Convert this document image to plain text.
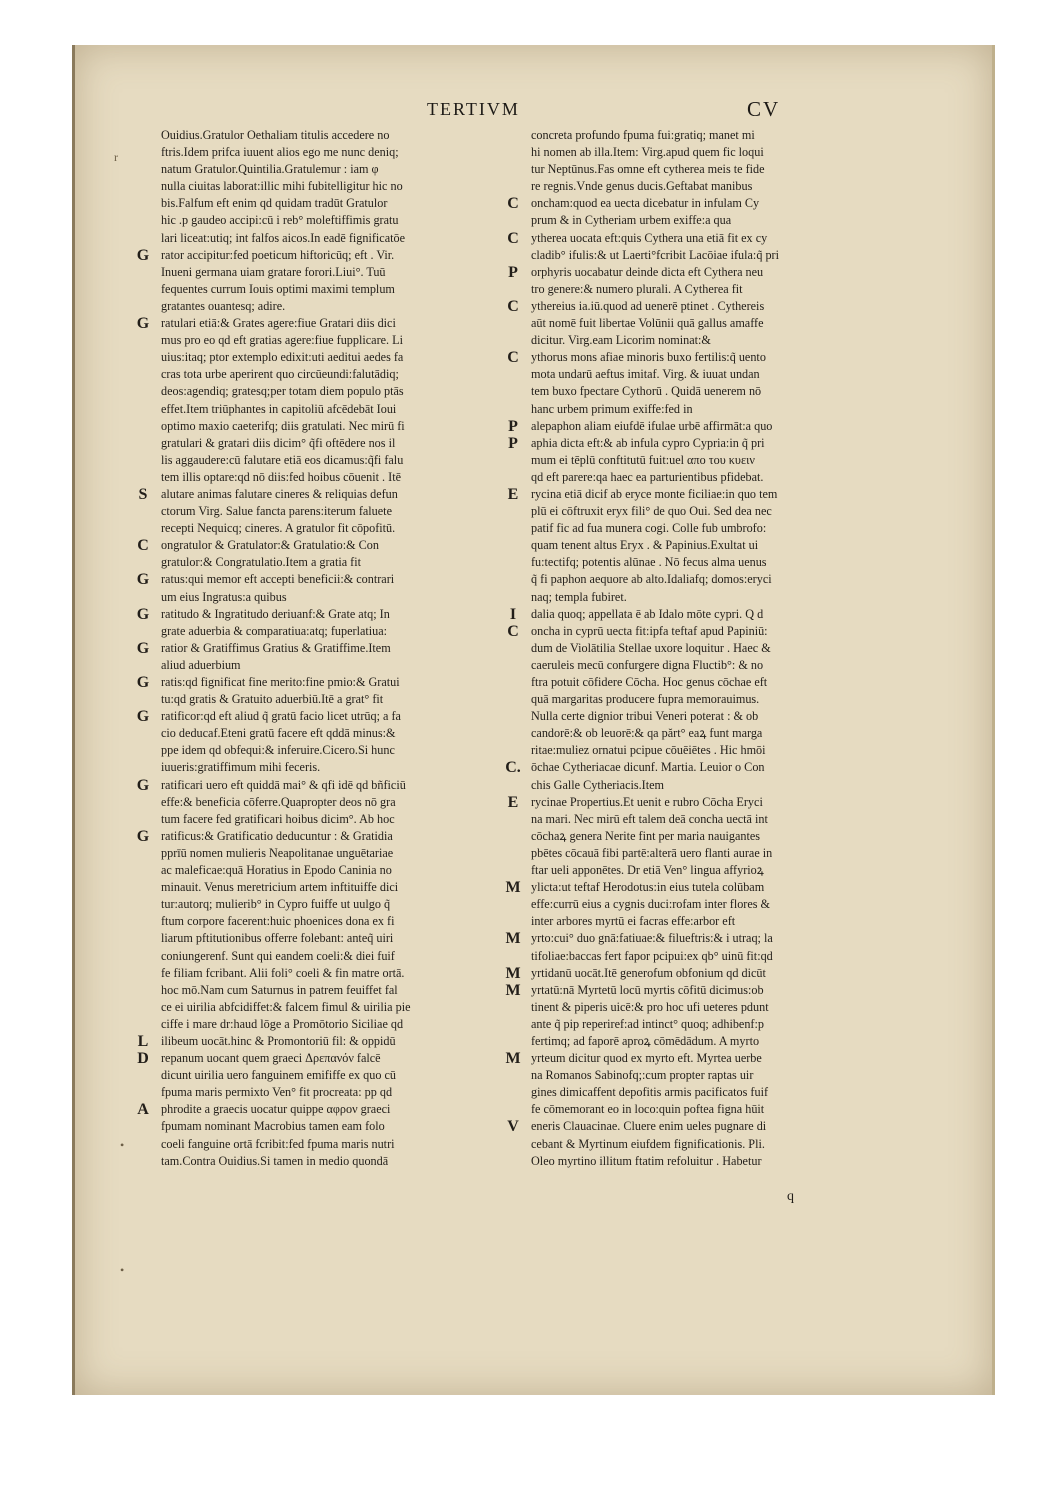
TERTIVM	CV
Ouidius.Gratulor Oethaliam titulis accedere no
ftris.Idem prifca iuuent alios ego me nunc deniq;
natum Gratulor.Quintilia.Gratulemur : iam φ
nulla ciuitas laborat:illic mihi fubitelligitur hic no
bis.Falfum eft enim qd quidam tradūt Gratulor
hic .p gaudeo accipi:cū i reb° moleftiffimis gratu
lari liceat:utiq; int falfos aicos.In eadē fignificatōe
G rator accipitur:fed poeticum hiftoricūq; eft . Vir.
Inueni germana uiam gratare forori.Liui°. Tuū
fequentes currum Iouis optimi maximi templum
gratantes ouantesq; adire.
G ratulari etiā:& Grates agere:fiue Gratari diis dici
mus pro eo qd eft gratias agere:fiue fupplicare. Li
uius:itaq; ptor extemplo edixit:uti aeditui aedes fa
cras tota urbe aperirent quo circūeundi:falutādiq;
deos:agendiq; gratesq;per totam diem populo ptās
effet.Item triūphantes in capitoliū afcēdebāt Ioui
optimo maxio caeterifq; diis gratulati. Nec mirū fi
gratulari & gratari diis dicim° q̃fi oftēdere nos il
lis aggaudere:cū falutare etiā eos dicamus:q̃fi falu
tem illis optare:qd nō diis:fed hoibus cōuenit . Itē
S	alutare animas falutare cineres & reliquias defun
ctorum Virg. Salue fancta parens:iterum faluete
recepti Nequicq; cineres. A gratulor fit cōpofitū.
C	ongratulor & Gratulator:& Gratulatio:& Con
gratulor:& Congratulatio.Item a gratia fit
G ratus:qui memor eft accepti beneficii:& contrari
um eius Ingratus:a quibus
G ratitudo & Ingratitudo deriuanf:& Grate atq; In
grate aduerbia & comparatiua:atq; fuperlatiua:
G ratior & Gratiffimus Gratius & Gratiffime.Item
aliud aduerbium
G ratis:qd fignificat fine merito:fine pmio:& Gratui
tu:qd gratis & Gratuito aduerbiū.Itē a grat° fit
G ratificor:qd eft aliud q̃ gratū facio licet utrūq; a fa
cio deducaf.Eteni gratū facere eft qddā minus:&
ppe idem qd obfequi:& inferuire.Cicero.Si hunc
iuueris:gratiffimum mihi feceris.
G ratificari uero eft quiddā mai° & qfi idē qd bñficiū
effe:& beneficia cōferre.Quapropter deos nō gra
tum facere fed gratificari hoibus dicim°. Ab hoc
G ratificus:& Gratificatio deducuntur : & Gratidia
pprīū nomen mulieris Neapolitanae unguētariae
ac maleficae:quā Horatius in Epodo Caninia no
minauit. Venus meretricium artem inftituiffe dici
tur:autorq; mulierib° in Cypro fuiffe ut uulgo q̃
ftum corpore facerent:huic phoenices dona ex fi
liarum pftitutionibus offerre folebant: anteq̃ uiri
coniungerenf. Sunt qui eandem coeli:& diei fuif
fe filiam fcribant. Alii foli° coeli & fin matre ortā.
hoc mō.Nam cum Saturnus in patrem feuiffet fal
ce ei uirilia abfcidiffet:& falcem fimul & uirilia pie
ciffe i mare dr:haud lōge a Promōtorio Siciliae qd
L	ilibeum uocāt.hinc & Promontoriū fil: & oppidū
D	repanum uocant quem graeci Δρεπανόν falcē
dicunt uirilia uero fanguinem emififfe ex quo cū
fpuma maris permixto Ven° fit procreata: pp qd
A	phrodite a graecis uocatur quippe αφρον graeci
fpumam nominant Macrobius tamen eam folo
coeli fanguine ortā fcribit:fed fpuma maris nutri
tam.Contra Ouidius.Si tamen in medio quondā
concreta profundo fpuma fui:gratiq; manet mi
hi nomen ab illa.Item: Virg.apud quem fic loqui
tur Neptūnus.Fas omne eft cytherea meis te fide
re regnis.Vnde genus ducis.Geftabat manibus
C	oncham:quod ea uecta dicebatur in infulam Cy
prum & in Cytheriam urbem exiffe:a qua
C	ytherea uocata eft:quis Cythera una etiā fit ex cy
cladib° ifulis:& ut Laerti°fcribit Lacōiae ifula:q̃ pri
P	orphyris uocabatur deinde dicta eft Cythera neu
tro genere:& numero plurali. A Cytherea fit
C	ythereius ia.iū.quod ad uenerē ptinet . Cythereis
aūt nomē fuit libertae Volūnii quā gallus amaffe
dicitur. Virg.eam Licorim nominat:&
C	ythorus mons afiae minoris buxo fertilis:q̃ uento
mota undarū aeftus imitaf. Virg. & iuuat undan
tem buxo fpectare Cythorū . Quidā uenerem nō
hanc urbem primum exiffe:fed in
P	alepaphon aliam eiufdē ifulae urbē affirmāt:a quo
P	aphia dicta eft:& ab infula cypro Cypria:in q̃ pri
mum ei tēplū conftitutū fuit:uel απο του κυειν
qd eft parere:qa haec ea parturientibus pfidebat.
E	rycina etiā dicif ab eryce monte ficiliae:in quo tem
plū ei cōftruxit eryx fili° de quo Oui. Sed dea nec
patif fic ad fua munera cogi. Colle fub umbrofo:
quam tenent altus Eryx . & Papinius.Exultat ui
fu:tectifq; potentis alūnae . Nō fecus alma uenus
q̃ fi paphon aequore ab alto.Idaliafq; domos:eryci
naq; templa fubiret.
I	dalia quoq; appellata ē ab Idalo mōte cypri. Q d
C	oncha in cyprū uecta fit:ipfa teftaf apud Papiniū:
dum de Violātilia Stellae uxore loquitur . Haec &
caeruleis mecū confurgere digna Fluctib°: & no
ftra potuit cōfidere Cōcha. Hoc genus cōchae eft
quā margaritas producere fupra memorauimus.
Nulla certe dignior tribui Veneri poterat : & ob
candorē:& ob leuorē:& qa părt° eaꝝ funt marga
ritae:muliez ornatui pcipue cōuēiētes . Hic hmōi
C. ōchae Cytheriacae dicunf. Martia. Leuior o Con
chis Galle Cytheriacis.Item
E	rycinae Propertius.Et uenit e rubro Cōcha Eryci
na mari. Nec mirū eft talem deā concha uectā int
cōchaꝝ genera Nerite fint per maria nauigantes
pbētes cōcauā fibi partē:alterā uero flanti aurae in
ftar ueli apponētes. Dr etiā Ven° lingua affyrioꝝ
M ylicta:ut teftaf Herodotus:in eius tutela colūbam
effe:currū eius a cygnis duci:rofam inter flores &
inter arbores myrtū ei facras effe:arbor eft
M yrto:cui° duo gnā:fatiuae:& filueftris:& i utraq; la
tifoliae:baccas fert fapor pcipui:ex qb° uinū fit:qd
M yrtidanū uocāt.Itē generofum obfonium qd dicūt
M yrtatū:nā Myrtetū locū myrtis cōfitū dicimus:ob
tinent & piperis uicē:& pro hoc ufi ueteres pdunt
ante q̃ pip reperiref:ad intinct° quoq; adhibenf:p
fertimq; ad faporē aproꝝ cōmēdādum. A myrto
M yrteum dicitur quod ex myrto eft. Myrtea uerbe
na Romanos Sabinofq;:cum propter raptas uir
gines dimicaffent depofitis armis pacificatos fuif
fe cōmemorant eo in loco:quin poftea figna hūit
V	eneris Clauacinae. Cluere enim ueles pugnare di
cebant & Myrtinum eiufdem fignificationis. Pli.
Oleo myrtino illitum ftatim refoluitur . Habetur
r
•
•
q
